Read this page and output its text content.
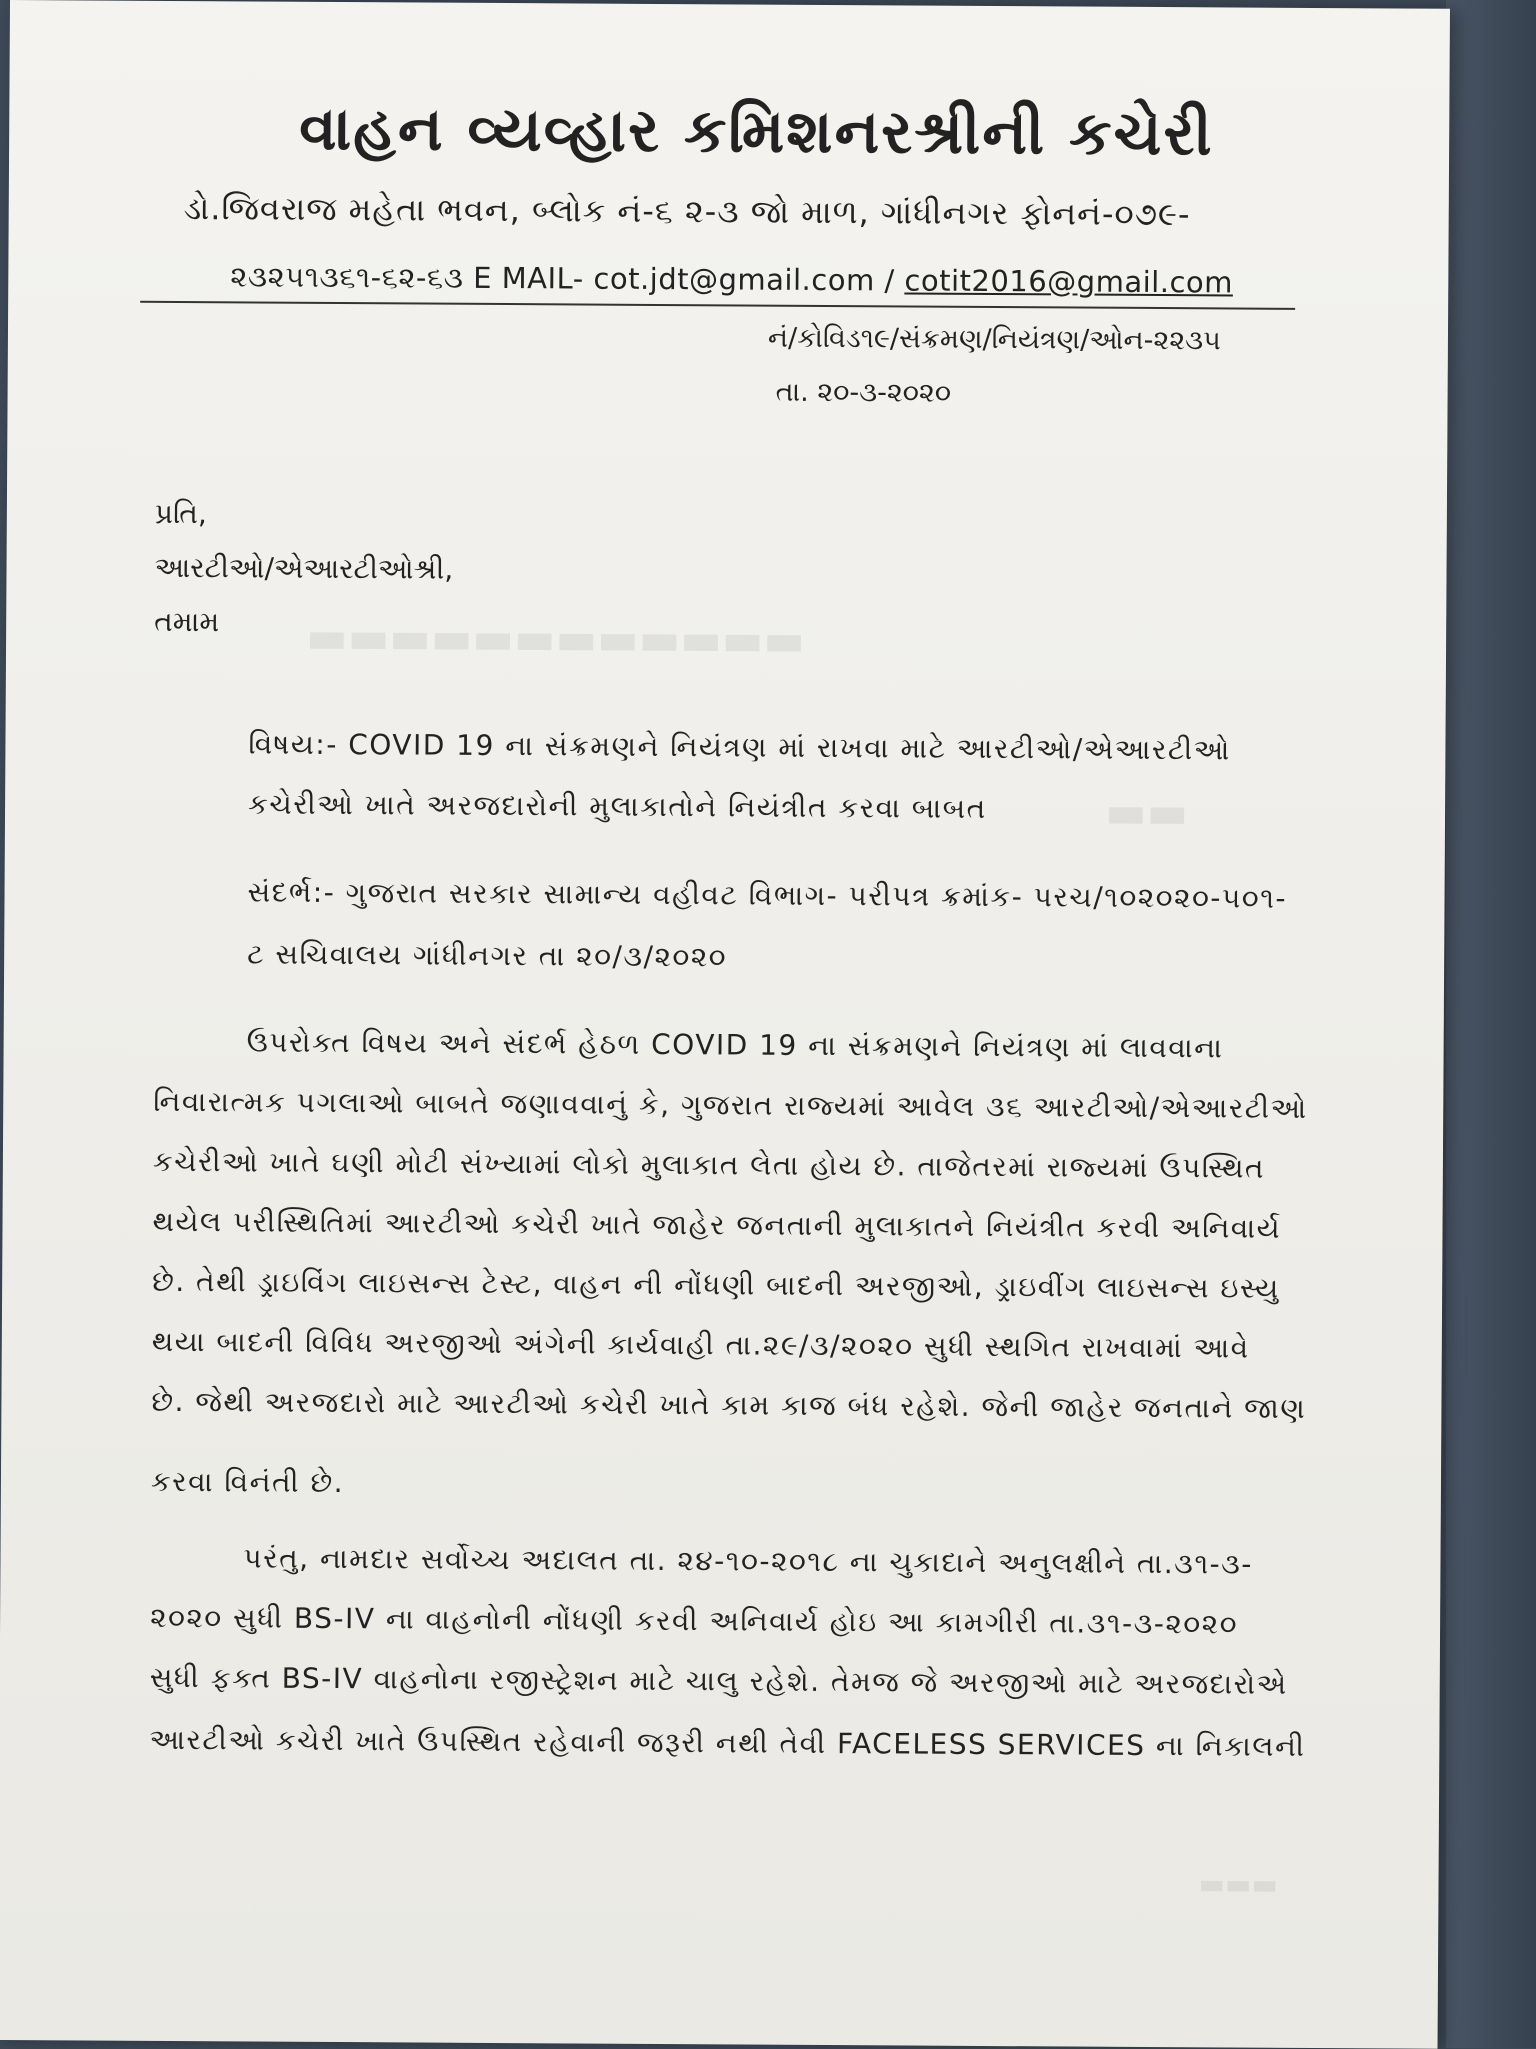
▬▬▬▬▬▬▬▬▬▬▬▬
▬▬
▬▬▬
વાહન વ્યવ્હાર કમિશનરશ્રીની કચેરી
ડો.જિવરાજ મહેતા ભવન, બ્લોક નં-૬ ૨-૩ જો માળ, ગાંધીનગર ફોનનં-૦૭૯-
૨૩૨૫૧૩૬૧-૬૨-૬૩ E MAIL- cot.jdt@gmail.com / cotit2016@gmail.com
નં/કોવિડ૧૯/સંક્રમણ/નિયંત્રણ/ઓન-૨૨૩૫
તા. ૨૦-૩-૨૦૨૦
પ્રતિ,
આરટીઓ/એઆરટીઓશ્રી,
તમામ
વિષય:- COVID 19 ના સંક્રમણને નિયંત્રણ માં રાખવા માટે આરટીઓ/એઆરટીઓ
કચેરીઓ ખાતે અરજદારોની મુલાકાતોને નિયંત્રીત કરવા બાબત
સંદર્ભ:- ગુજરાત સરકાર સામાન્ય વહીવટ વિભાગ- પરીપત્ર ક્રમાંક- પરચ/૧૦૨૦૨૦-૫૦૧-
ટ સચિવાલય ગાંધીનગર તા ૨૦/૩/૨૦૨૦
ઉપરોક્ત વિષય અને સંદર્ભ હેઠળ COVID 19 ના સંક્રમણને નિયંત્રણ માં લાવવાના
નિવારાત્મક પગલાઓ બાબતે જણાવવાનું કે, ગુજરાત રાજ્યમાં આવેલ ૩૬ આરટીઓ/એઆરટીઓ
કચેરીઓ ખાતે ઘણી મોટી સંખ્યામાં લોકો મુલાકાત લેતા હોય છે. તાજેતરમાં રાજ્યમાં ઉપસ્થિત
થયેલ પરીસ્થિતિમાં આરટીઓ કચેરી ખાતે જાહેર જનતાની મુલાકાતને નિયંત્રીત કરવી અનિવાર્ય
છે. તેથી ડ્રાઇવિંગ લાઇસન્સ ટેસ્ટ, વાહન ની નોંધણી બાદની અરજીઓ, ડ્રાઇવીંગ લાઇસન્સ ઇસ્યુ
થયા બાદની વિવિધ અરજીઓ અંગેની કાર્યવાહી તા.૨૯/૩/૨૦૨૦ સુધી સ્થગિત રાખવામાં આવે
છે. જેથી અરજદારો માટે આરટીઓ કચેરી ખાતે કામ કાજ બંધ રહેશે. જેની જાહેર જનતાને જાણ
કરવા વિનંતી છે.
પરંતુ, નામદાર સર્વોચ્ચ અદાલત તા. ૨૪-૧૦-૨૦૧૮ ના ચુકાદાને અનુલક્ષીને તા.૩૧-૩-
૨૦૨૦ સુધી BS-IV ના વાહનોની નોંધણી કરવી અનિવાર્ય હોઇ આ કામગીરી તા.૩૧-૩-૨૦૨૦
સુધી ફક્ત BS-IV વાહનોના રજીસ્ટ્રેશન માટે ચાલુ રહેશે. તેમજ જે અરજીઓ માટે અરજદારોએ
આરટીઓ કચેરી ખાતે ઉપસ્થિત રહેવાની જરૂરી નથી તેવી FACELESS SERVICES ના નિકાલની
